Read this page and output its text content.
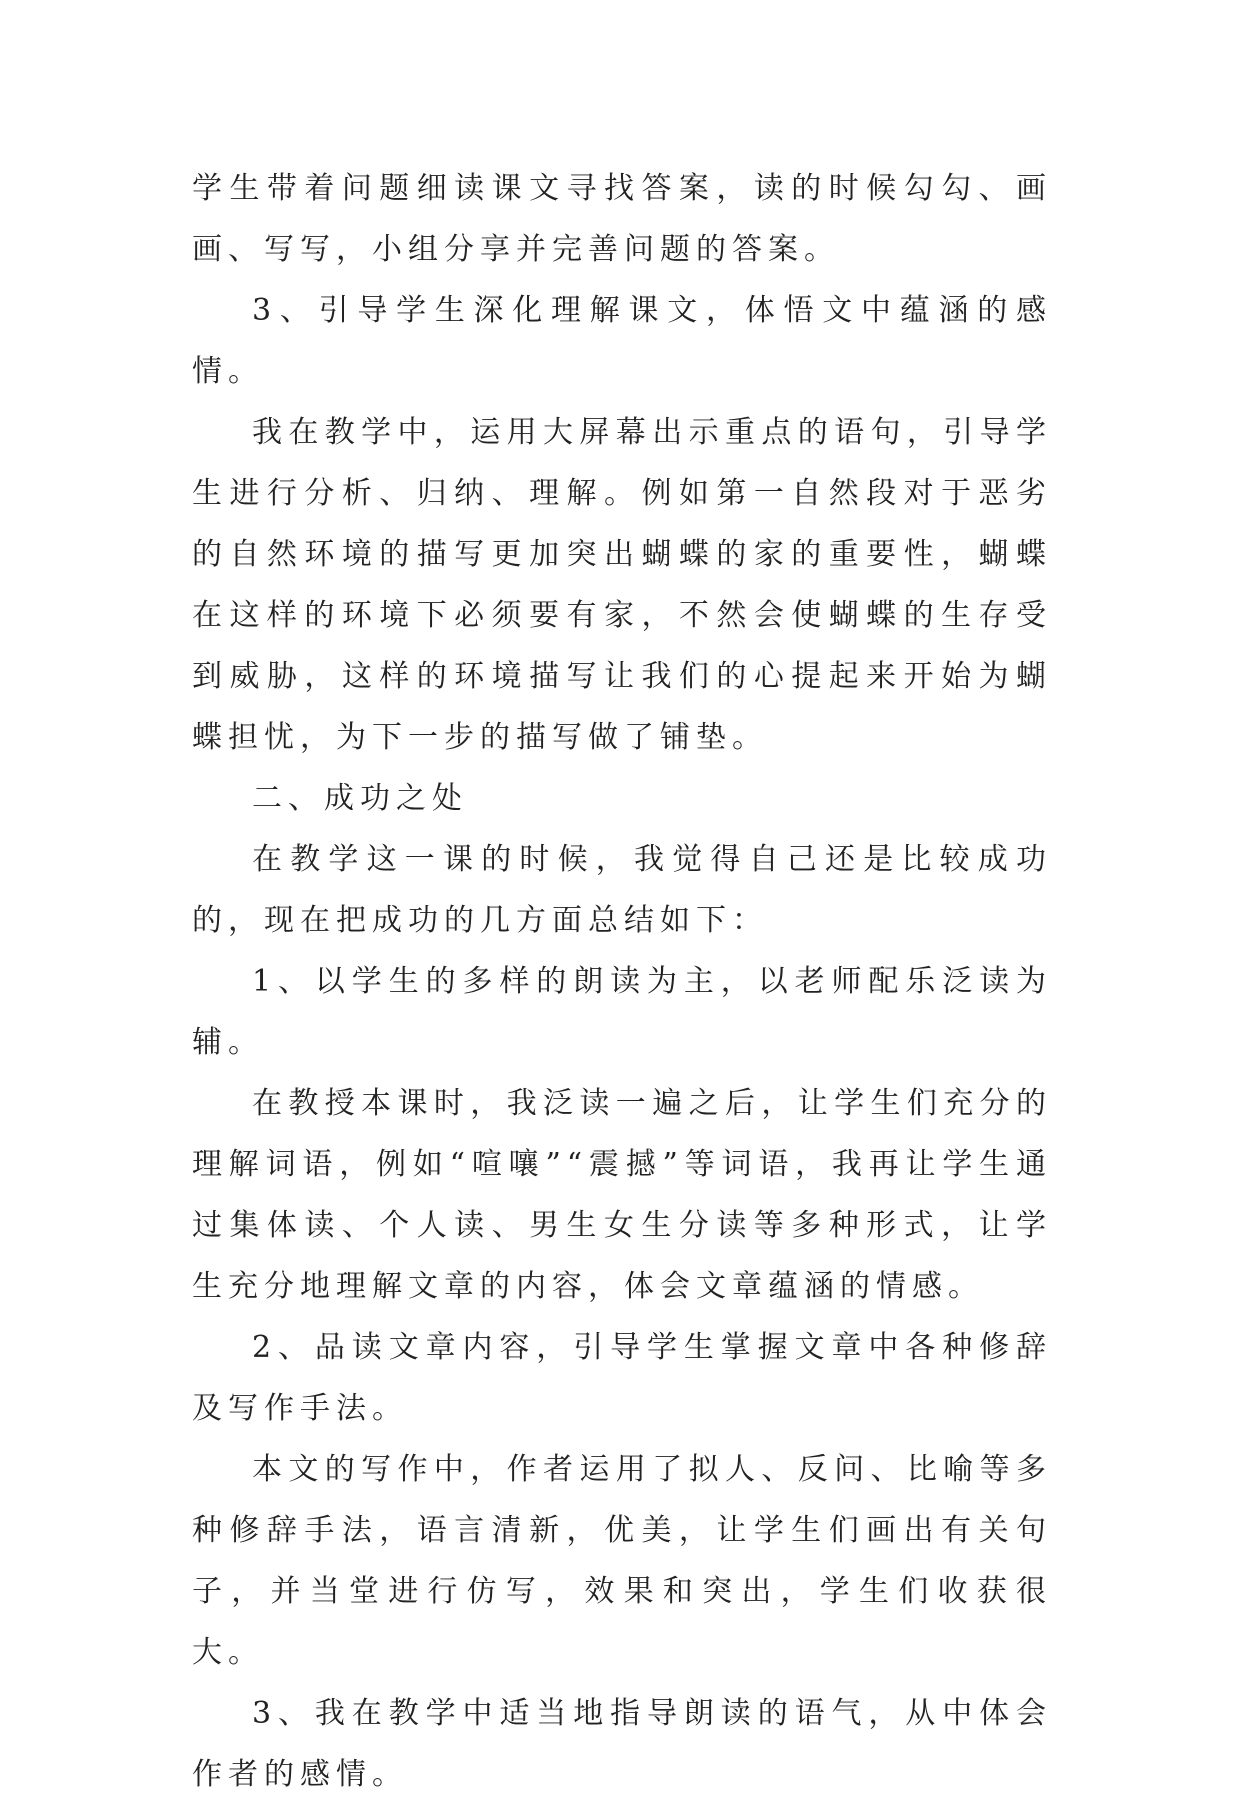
学生带着问题细读课文寻找答案，读的时候勾勾、画画、写写，小组分享并完善问题的答案。

3、引导学生深化理解课文，体悟文中蕴涵的感情。

我在教学中，运用大屏幕出示重点的语句，引导学生进行分析、归纳、理解。例如第一自然段对于恶劣的自然环境的描写更加突出蝴蝶的家的重要性，蝴蝶在这样的环境下必须要有家，不然会使蝴蝶的生存受到威胁，这样的环境描写让我们的心提起来开始为蝴蝶担忧，为下一步的描写做了铺垫。

二、成功之处

在教学这一课的时候，我觉得自己还是比较成功的，现在把成功的几方面总结如下：

1、以学生的多样的朗读为主，以老师配乐泛读为辅。

在教授本课时，我泛读一遍之后，让学生们充分的理解词语，例如“喧嚷”“震撼”等词语，我再让学生通过集体读、个人读、男生女生分读等多种形式，让学生充分地理解文章的内容，体会文章蕴涵的情感。

2、品读文章内容，引导学生掌握文章中各种修辞及写作手法。

本文的写作中，作者运用了拟人、反问、比喻等多种修辞手法，语言清新，优美，让学生们画出有关句子，并当堂进行仿写，效果和突出，学生们收获很大。

3、我在教学中适当地指导朗读的语气，从中体会作者的感情。
